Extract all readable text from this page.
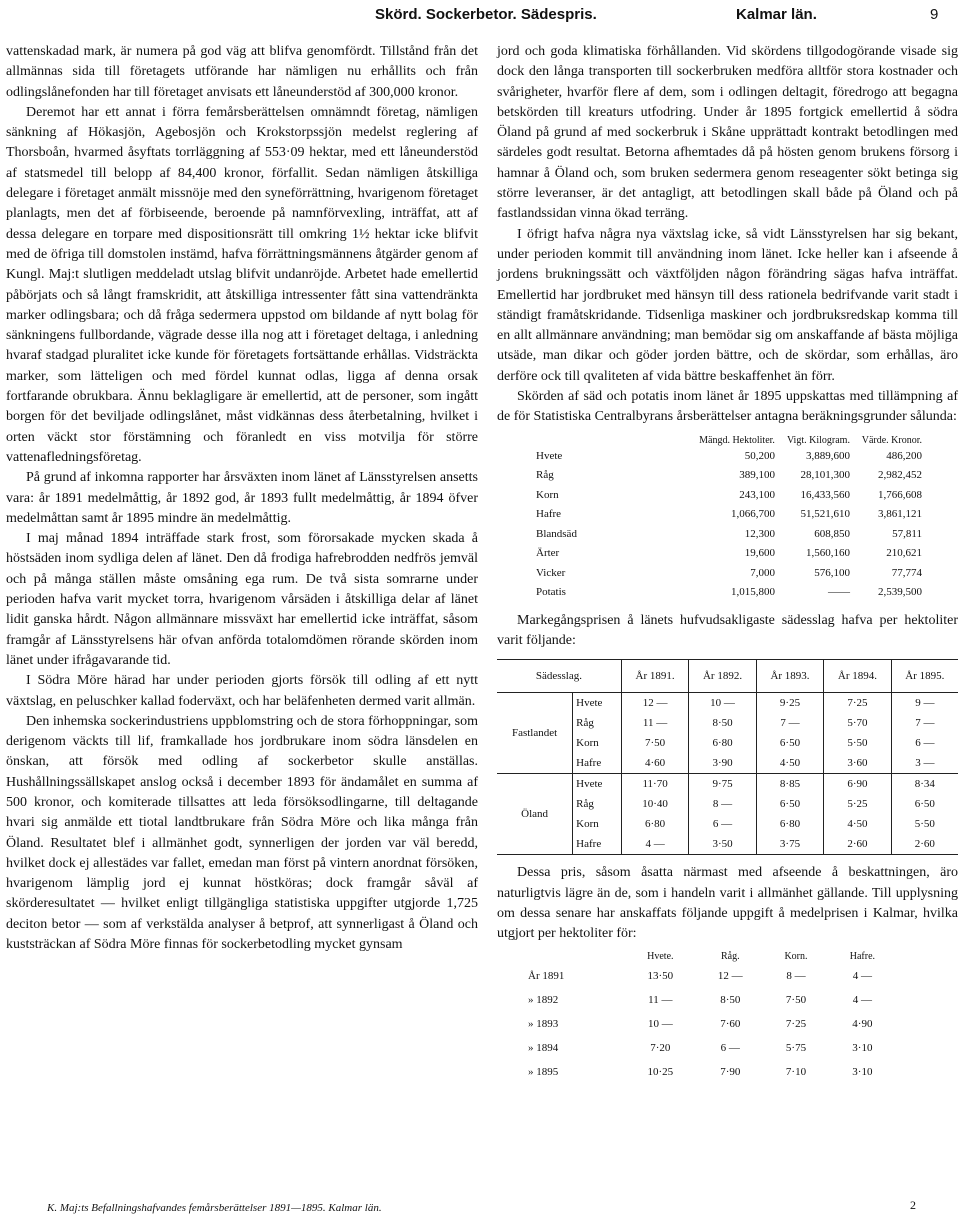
Skörd. Sockerbetor. Sädespris.	Kalmar län.	9

vattenskadad mark, är numera på god väg att blifva genomfördt. Tillstånd från det allmännas sida till företagets utförande har nämligen nu erhållits och från odlingslånefonden har till företaget anvisats ett låneunderstöd af 300,000 kronor.

Deremot har ett annat i förra femårsberättelsen omnämndt företag, nämligen sänkning af Hökasjön, Agebosjön och Krokstorpssjön medelst reglering af Thorsboån, hvarmed åsyftats torrläggning af 553·09 hektar, med ett låneunderstöd af statsmedel till belopp af 84,400 kronor, förfallit. Sedan nämligen åtskilliga delegare i företaget anmält missnöje med den syneförrättning, hvarigenom företaget planlagts, men det af förbiseende, beroende på namnförvexling, inträffat, att af dessa delegare en torpare med dispositionsrätt till omkring 1½ hektar icke blifvit med de öfriga till domstolen instämd, hafva förrättningsmännens åtgärder genom af Kungl. Maj:t slutligen meddeladt utslag blifvit undanröjde. Arbetet hade emellertid påbörjats och så långt framskridit, att åtskilliga intressenter fått sina vattendränkta marker odlingsbara; och då fråga sedermera uppstod om bildande af nytt bolag för sänkningens fullbordande, vägrade desse illa nog att i företaget deltaga, i anledning hvaraf stadgad pluralitet icke kunde för företagets fortsättande erhållas. Vidsträckta marker, som lätteligen och med fördel kunnat odlas, ligga af denna orsak fortfarande obrukbara. Ännu beklagligare är emellertid, att de personer, som ingått borgen för det beviljade odlingslånet, måst vidkännas dess återbetalning, hvilket i orten väckt stor förstämning och föranledt en viss motvilja för större vattenafledningsföretag.

På grund af inkomna rapporter har årsväxten inom länet af Länsstyrelsen ansetts vara: år 1891 medelmåttig, år 1892 god, år 1893 fullt medelmåttig, år 1894 öfver medelmåttan samt år 1895 mindre än medelmåttig.

I maj månad 1894 inträffade stark frost, som förorsakade mycken skada å höstsäden inom sydliga delen af länet. Den då frodiga hafrebrodden nedfrös jemväl och på många ställen måste omsåning ega rum. De två sista somrarne under perioden hafva varit mycket torra, hvarigenom vårsäden i åtskilliga delar af länet lidit ganska hårdt. Någon allmännare missväxt har emellertid icke inträffat, såsom framgår af Länsstyrelsens här ofvan anförda totalomdömen rörande skörden inom länet under ifrågavarande tid.

I Södra Möre härad har under perioden gjorts försök till odling af ett nytt växtslag, en peluschker kallad foderväxt, och har beläfenheten dermed varit allmän.

Den inhemska sockerindustriens uppblomstring och de stora förhoppningar, som derigenom väckts till lif, framkallade hos jordbrukare inom södra länsdelen en önskan, att försök med odling af sockerbetor skulle anställas. Hushållningssällskapet anslog också i december 1893 för ändamålet en summa af 500 kronor, och komiterade tillsattes att leda försöksodlingarne, till deltagande hvari sig anmälde ett tiotal landtbrukare från Södra Möre och lika många från Öland. Resultatet blef i allmänhet godt, synnerligen der jorden var väl beredd, hvilket dock ej allestädes var fallet, emedan man först på vintern anordnat försöken, hvarigenom lämplig jord ej kunnat höstköras; dock framgår såväl af skörderesultatet — hvilket enligt tillgängliga statistiska uppgifter utgjorde 1,725 deciton betor — som af verkstälda analyser å betprof, att synnerligast å Öland och kuststräckan af Södra Möre finnas för sockerbetodling mycket gynsam

jord och goda klimatiska förhållanden. Vid skördens tillgodogörande visade sig dock den långa transporten till sockerbruken medföra alltför stora kostnader och svårigheter, hvarför flere af dem, som i odlingen deltagit, föredrogo att begagna betskörden till kreaturs utfodring. Under år 1895 fortgick emellertid å södra Öland på grund af med sockerbruk i Skåne upprättadt kontrakt betodlingen med särdeles godt resultat. Betorna afhemtades då på hösten genom brukens försorg i hamnar å Öland och, som bruken sedermera genom reseagenter sökt betinga sig större leveranser, är det antagligt, att betodlingen skall både på Öland och på fastlandssidan vinna ökad terräng.

I öfrigt hafva några nya växtslag icke, så vidt Länsstyrelsen har sig bekant, under perioden kommit till användning inom länet. Icke heller kan i afseende å jordens brukningssätt och växtföljden någon förändring sägas hafva inträffat. Emellertid har jordbruket med hänsyn till dess rationela bedrifvande varit stadt i ständigt framåtskridande. Tidsenliga maskiner och jordbruksredskap komma till en allt allmännare användning; man bemödar sig om anskaffande af bästa möjliga utsäde, man dikar och göder jorden bättre, och de skördar, som erhållas, äro derföre ock till qvaliteten af vida bättre beskaffenhet än förr.

Skörden af säd och potatis inom länet år 1895 uppskattas med tillämpning af de för Statistiska Centralbyrans årsberättelser antagna beräkningsgrunder sålunda:

	Mängd. Hektoliter.	Vigt. Kilogram.	Värde. Kronor.
Hvete	50,200	3,889,600	486,200
Råg	389,100	28,101,300	2,982,452
Korn	243,100	16,433,560	1,766,608
Hafre	1,066,700	51,521,610	3,861,121
Blandsäd	12,300	608,850	57,811
Ärter	19,600	1,560,160	210,621
Vicker	7,000	576,100	77,774
Potatis	1,015,800	——	2,539,500

Markegångsprisen å länets hufvudsakligaste sädesslag hafva per hektoliter varit följande:

Sädesslag.		År 1891.	År 1892.	År 1893.	År 1894.	År 1895.
Fastlandet	Hvete	12 —	10 —	9·25	7·25	9 —
	Råg	11 —	8·50	7 —	5·70	7 —
	Korn	7·50	6·80	6·50	5·50	6 —
	Hafre	4·60	3·90	4·50	3·60	3 —
Öland	Hvete	11·70	9·75	8·85	6·90	8·34
	Råg	10·40	8 —	6·50	5·25	6·50
	Korn	6·80	6 —	6·80	4·50	5·50
	Hafre	4 —	3·50	3·75	2·60	2·60

Dessa pris, såsom åsatta närmast med afseende å beskattningen, äro naturligtvis lägre än de, som i handeln varit i allmänhet gällande. Till upplysning om dessa senare har anskaffats följande uppgift å medelprisen i Kalmar, hvilka utgjort per hektoliter för:

	Hvete.	Råg.	Korn.	Hafre.
År 1891	13·50	12 —	8 —	4 —
» 1892	11 —	8·50	7·50	4 —
» 1893	10 —	7·60	7·25	4·90
» 1894	7·20	6 —	5·75	3·10
» 1895	10·25	7·90	7·10	3·10
K. Maj:ts Befallningshafvandes femårsberättelser 1891—1895. Kalmar län.	2
